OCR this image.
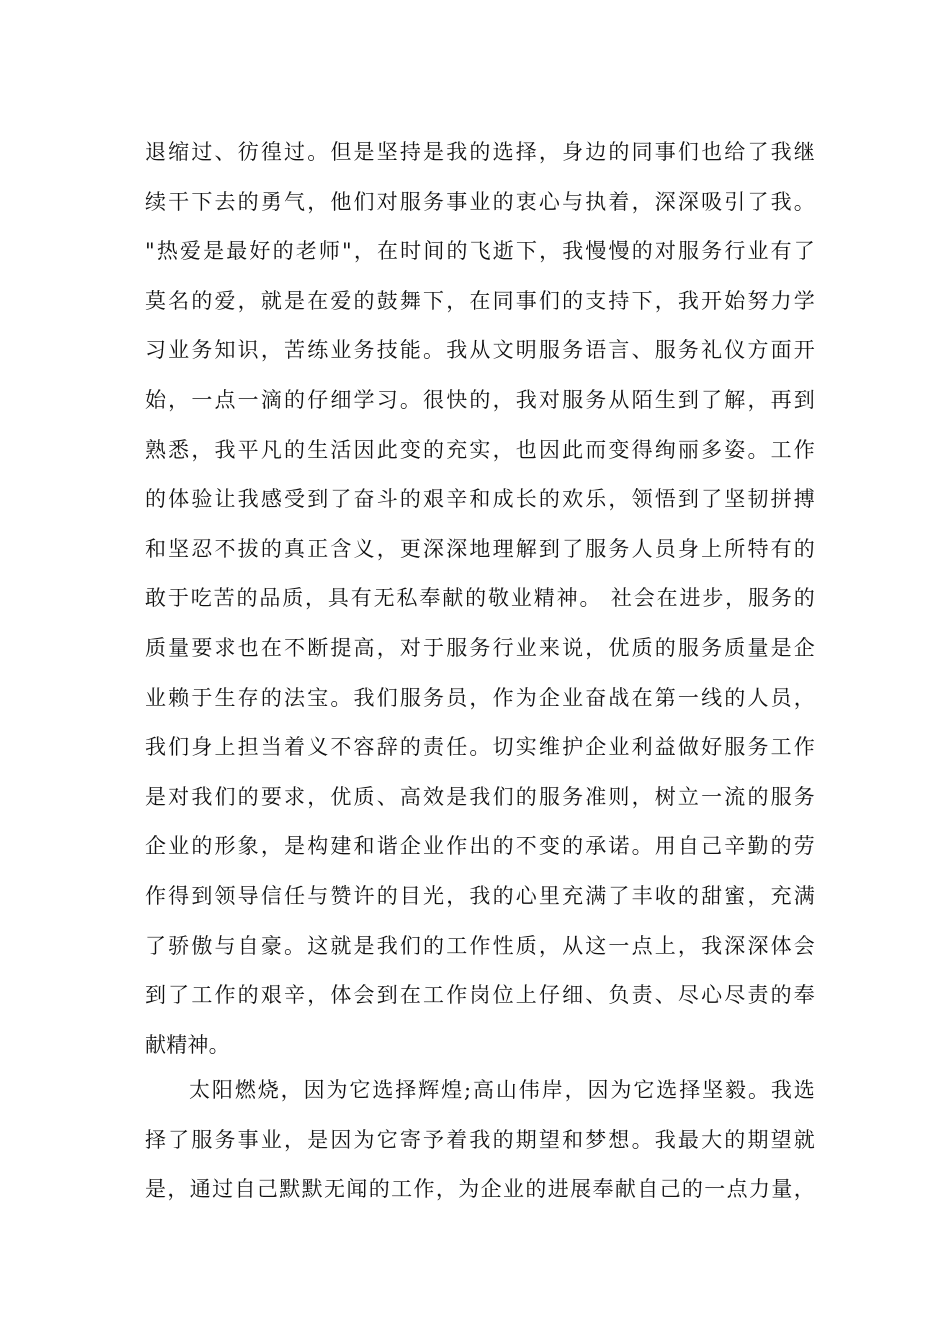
退缩过、彷徨过。但是坚持是我的选择，身边的同事们也给了我继
续干下去的勇气，他们对服务事业的衷心与执着，深深吸引了我。
"热爱是最好的老师"，在时间的飞逝下，我慢慢的对服务行业有了
莫名的爱，就是在爱的鼓舞下，在同事们的支持下，我开始努力学
习业务知识，苦练业务技能。我从文明服务语言、服务礼仪方面开
始，一点一滴的仔细学习。很快的，我对服务从陌生到了解，再到
熟悉，我平凡的生活因此变的充实，也因此而变得绚丽多姿。工作
的体验让我感受到了奋斗的艰辛和成长的欢乐，领悟到了坚韧拼搏
和坚忍不拔的真正含义，更深深地理解到了服务人员身上所特有的
敢于吃苦的品质，具有无私奉献的敬业精神。 社会在进步，服务的
质量要求也在不断提高，对于服务行业来说，优质的服务质量是企
业赖于生存的法宝。我们服务员，作为企业奋战在第一线的人员，
我们身上担当着义不容辞的责任。切实维护企业利益做好服务工作
是对我们的要求，优质、高效是我们的服务准则，树立一流的服务
企业的形象，是构建和谐企业作出的不变的承诺。用自己辛勤的劳
作得到领导信任与赞许的目光，我的心里充满了丰收的甜蜜，充满
了骄傲与自豪。这就是我们的工作性质，从这一点上，我深深体会
到了工作的艰辛，体会到在工作岗位上仔细、负责、尽心尽责的奉
献精神。
太阳燃烧，因为它选择辉煌;高山伟岸，因为它选择坚毅。我选
择了服务事业，是因为它寄予着我的期望和梦想。我最大的期望就
是，通过自己默默无闻的工作，为企业的进展奉献自己的一点力量，
